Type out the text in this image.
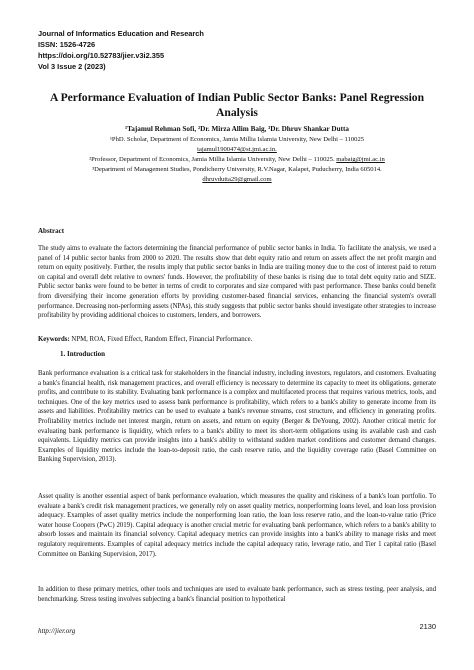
Journal of Informatics Education and Research
ISSN: 1526-4726
https://doi.org/10.52783/jier.v3i2.355
Vol 3 Issue 2 (2023)
A Performance Evaluation of Indian Public Sector Banks: Panel Regression Analysis
¹Tajamul Rehman Sofi, ²Dr. Mirza Allim Baig, ³Dr. Dhruv Shankar Dutta
¹PhD. Scholar, Department of Economics, Jamia Millia Islamia University, New Delhi – 110025
tajamul1900474@st.jmi.ac.in.
²Professor, Department of Economics, Jamia Millia Islamia University, New Delhi – 110025. mabaig@jmi.ac.in
³Department of Management Studies, Pondicherry University, R.V.Nagar, Kalapet, Puducherry, India 605014.
dhruvdutta29@gmail.com
Abstract

The study aims to evaluate the factors determining the financial performance of public sector banks in India. To facilitate the analysis, we used a panel of 14 public sector banks from 2000 to 2020. The results show that debt equity ratio and return on assets affect the net profit margin and return on equity positively. Further, the results imply that public sector banks in India are trailing money due to the cost of interest paid to return on capital and overall debt relative to owners' funds. However, the profitability of these banks is rising due to total debt equity ratio and SIZE. Public sector banks were found to be better in terms of credit to corporates and size compared with past performance. These banks could benefit from diversifying their income generation efforts by providing customer-based financial services, enhancing the financial system's overall performance. Decreasing non-performing assets (NPAs), this study suggests that public sector banks should investigate other strategies to increase profitability by providing additional choices to customers, lenders, and borrowers.

Keywords: NPM, ROA, Fixed Effect, Random Effect, Financial Performance.

1. Introduction

Bank performance evaluation is a critical task for stakeholders in the financial industry, including investors, regulators, and customers. Evaluating a bank's financial health, risk management practices, and overall efficiency is necessary to determine its capacity to meet its obligations, generate profits, and contribute to its stability. Evaluating bank performance is a complex and multifaceted process that requires various metrics, tools, and techniques. One of the key metrics used to assess bank performance is profitability, which refers to a bank's ability to generate income from its assets and liabilities. Profitability metrics can be used to evaluate a bank's revenue streams, cost structure, and efficiency in generating profits. Profitability metrics include net interest margin, return on assets, and return on equity (Berger & DeYoung, 2002). Another critical metric for evaluating bank performance is liquidity, which refers to a bank's ability to meet its short-term obligations using its available cash and cash equivalents. Liquidity metrics can provide insights into a bank's ability to withstand sudden market conditions and customer demand changes. Examples of liquidity metrics include the loan-to-deposit ratio, the cash reserve ratio, and the liquidity coverage ratio (Basel Committee on Banking Supervision, 2013).

Asset quality is another essential aspect of bank performance evaluation, which measures the quality and riskiness of a bank's loan portfolio. To evaluate a bank's credit risk management practices, we generally rely on asset quality metrics, nonperforming loans level, and loan loss provision adequacy. Examples of asset quality metrics include the nonperforming loan ratio, the loan loss reserve ratio, and the loan-to-value ratio (Price water house Coopers (PwC) 2019). Capital adequacy is another crucial metric for evaluating bank performance, which refers to a bank's ability to absorb losses and maintain its financial solvency. Capital adequacy metrics can provide insights into a bank's ability to manage risks and meet regulatory requirements. Examples of capital adequacy metrics include the capital adequacy ratio, leverage ratio, and Tier 1 capital ratio (Basel Committee on Banking Supervision, 2017).

In addition to these primary metrics, other tools and techniques are used to evaluate bank performance, such as stress testing, peer analysis, and benchmarking. Stress testing involves subjecting a bank's financial position to hypothetical

http://jier.org	2130
